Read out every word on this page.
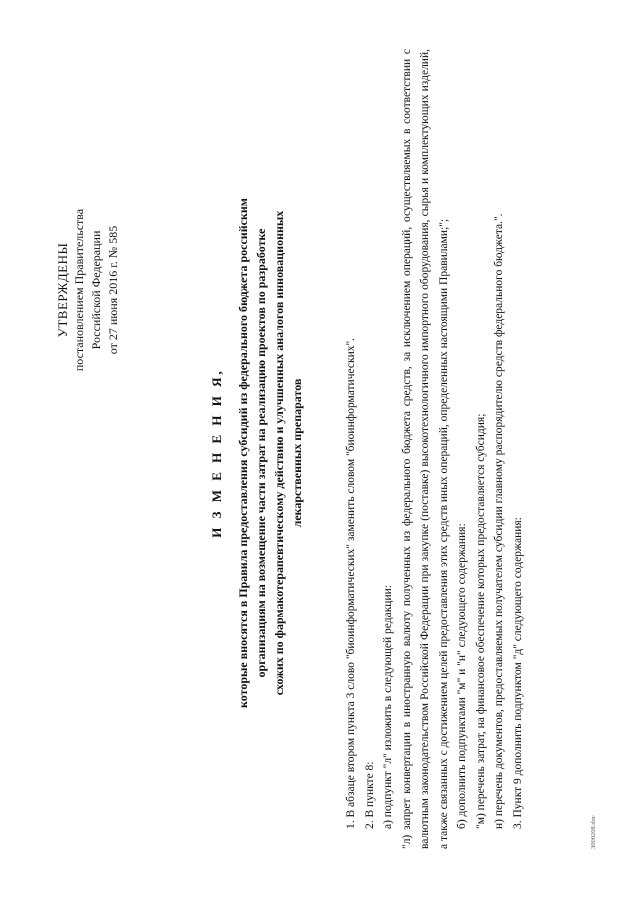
УТВЕРЖДЕНЫ постановлением Правительства Российской Федерации от 27 июня 2016 г. № 585
И З М Е Н Е Н И Я, которые вносятся в Правила предоставления субсидий из федерального бюджета российским организациям на возмещение части затрат на реализацию проектов по разработке схожих по фармакотерапевтическому действию и улучшенных аналогов инновационных лекарственных препаратов	1. В абзаце втором пункта 3 слово "биоинформатических" заменить словом "биоинформатических". 2. В пункте 8: а) подпункт "л" изложить в следующей редакции: "л) запрет конвертации в иностранную валюту полученных из федерального бюджета средств, за исключением операций, осуществляемых в соответствии с валютным законодательством Российской Федерации при закупке (поставке) высокотехнологичного импортного оборудования, сырья и комплектующих изделий, а также связанных с достижением целей предоставления этих средств иных операций, определенных настоящими Правилами;"; б) дополнить подпунктами "м" и "н" следующего содержания: "м) перечень затрат, на финансовое обеспечение которых предоставляется субсидия; н) перечень документов, предоставляемых получателем субсидии главному распорядителю средств федерального бюджета.". 3. Пункт 9 дополнить подпунктом "д" следующего содержания:

3000208.doc
